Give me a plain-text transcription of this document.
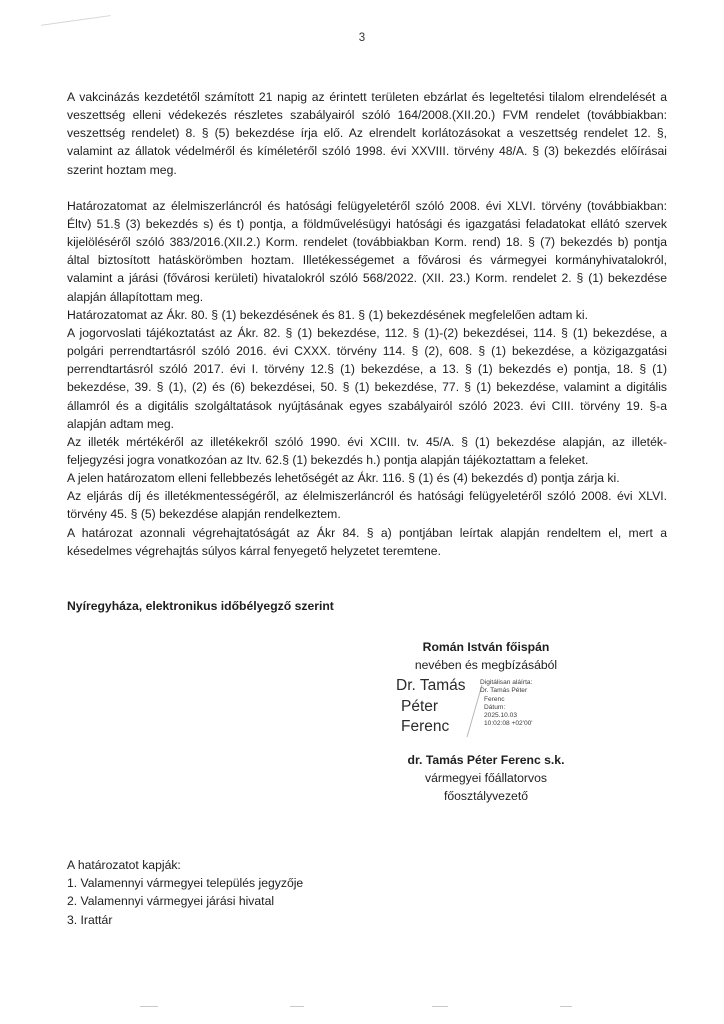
3

A vakcinázás kezdetétől számított 21 napig az érintett területen ebzárlat és legeltetési tilalom elrendelését a veszettség elleni védekezés részletes szabályairól szóló 164/2008.(XII.20.) FVM rendelet (továbbiakban: veszettség rendelet) 8. § (5) bekezdése írja elő. Az elrendelt korlátozásokat a veszettség rendelet 12. §, valamint az állatok védelméről és kíméletéről szóló 1998. évi XXVIII. törvény 48/A. § (3) bekezdés előírásai szerint hoztam meg.

Határozatomat az élelmiszerláncról és hatósági felügyeletéről szóló 2008. évi XLVI. törvény (továbbiakban: Éltv) 51.§ (3) bekezdés s) és t) pontja, a földművelésügyi hatósági és igazgatási feladatokat ellátó szervek kijelöléséről szóló 383/2016.(XII.2.) Korm. rendelet (továbbiakban Korm. rend) 18. § (7) bekezdés b) pontja által biztosított hatáskörömben hoztam. Illetékességemet a fővárosi és vármegyei kormányhivatalokról, valamint a járási (fővárosi kerületi) hivatalokról szóló 568/2022. (XII. 23.) Korm. rendelet 2. § (1) bekezdése alapján állapítottam meg.

Határozatomat az Ákr. 80. § (1) bekezdésének és 81. § (1) bekezdésének megfelelően adtam ki.

A jogorvoslati tájékoztatást az Ákr. 82. § (1) bekezdése, 112. § (1)-(2) bekezdései, 114. § (1) bekezdése, a polgári perrendtartásról szóló 2016. évi CXXX. törvény 114. § (2), 608. § (1) bekezdése, a közigazgatási perrendtartásról szóló 2017. évi I. törvény 12.§ (1) bekezdése, a 13. § (1) bekezdés e) pontja, 18. § (1) bekezdése, 39. § (1), (2) és (6) bekezdései, 50. § (1) bekezdése, 77. § (1) bekezdése, valamint a digitális államról és a digitális szolgáltatások nyújtásának egyes szabályairól szóló 2023. évi CIII. törvény 19. §-a alapján adtam meg.

Az illeték mértékéről az illetékekről szóló 1990. évi XCIII. tv. 45/A. § (1) bekezdése alapján, az illeték-feljegyzési jogra vonatkozóan az Itv. 62.§ (1) bekezdés h.) pontja alapján tájékoztattam a feleket.

A jelen határozatom elleni fellebbezés lehetőségét az Ákr. 116. § (1) és (4) bekezdés d) pontja zárja ki.

Az eljárás díj és illetékmentességéről, az élelmiszerláncról és hatósági felügyeletéről szóló 2008. évi XLVI. törvény 45. § (5) bekezdése alapján rendelkeztem.

A határozat azonnali végrehajtatóságát az Ákr 84. § a) pontjában leírtak alapján rendeltem el, mert a késedelmes végrehajtás súlyos kárral fenyegető helyzetet teremtene.

Nyíregyháza, elektronikus időbélyegző szerint
Román István főispán
nevében és megbízásából
Dr. Tamás
Péter
Ferenc
Digitálisan aláírta:
Dr. Tamás Péter
Ferenc
Dátum:
2025.10.03
10:02:08 +02'00'
dr. Tamás Péter Ferenc s.k.
vármegyei főállatorvos
főosztályvezető
A határozatot kapják:
1. Valamennyi vármegyei település jegyzője
2. Valamennyi vármegyei járási hivatal
3. Irattár
